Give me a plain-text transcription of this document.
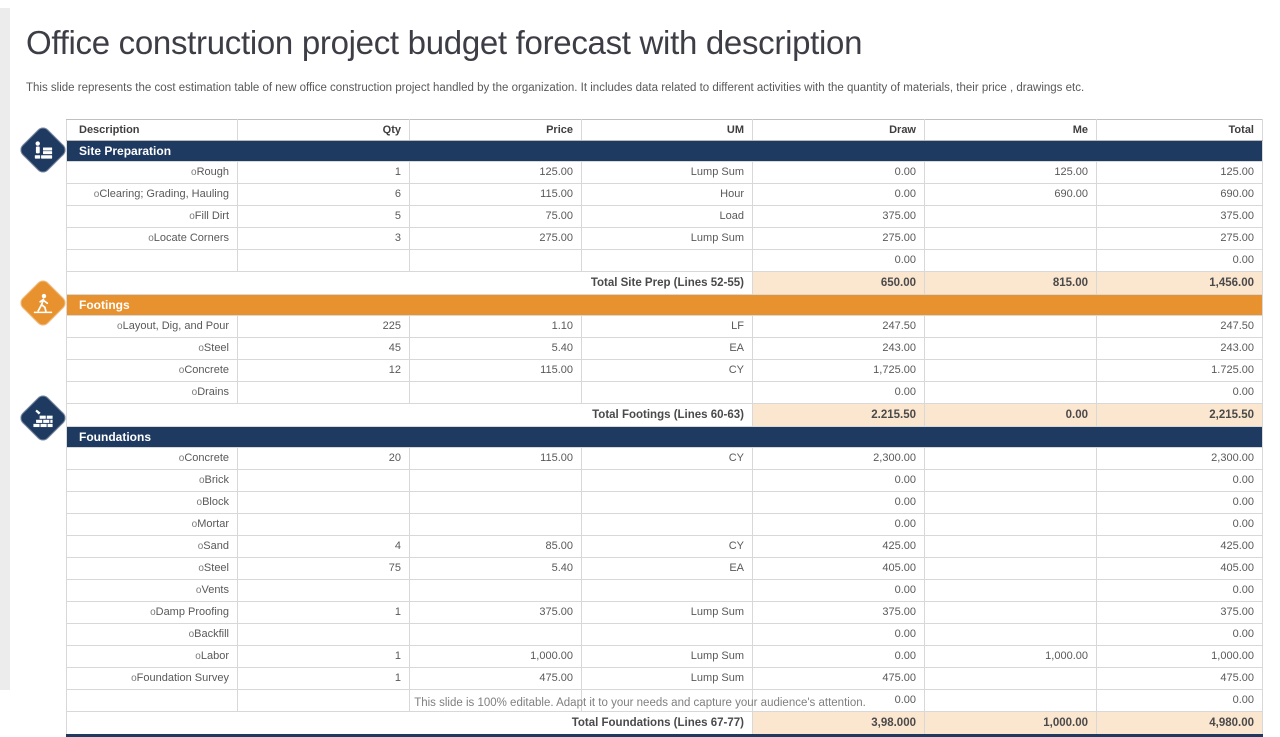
Office construction project budget forecast with description
This slide represents the cost estimation table of new office construction project handled by the organization. It includes data related to different activities with the quantity of materials, their price , drawings etc.
Description	Qty	Price	UM	Draw	Me	Total
Site Preparation						
oRough	1	125.00	Lump Sum	0.00	125.00	125.00
oClearing; Grading, Hauling	6	115.00	Hour	0.00	690.00	690.00
oFill Dirt	5	75.00	Load	375.00		375.00
oLocate Corners	3	275.00	Lump Sum	275.00		275.00
				0.00		0.00
Total Site Prep (Lines 52-55)				650.00	815.00	1,456.00
Footings						
oLayout, Dig, and Pour	225	1.10	LF	247.50		247.50
oSteel	45	5.40	EA	243.00		243.00
oConcrete	12	115.00	CY	1,725.00		1.725.00
oDrains				0.00		0.00
Total Footings (Lines 60-63)				2.215.50	0.00	2,215.50
Foundations						
oConcrete	20	115.00	CY	2,300.00		2,300.00
oBrick				0.00		0.00
oBlock				0.00		0.00
oMortar				0.00		0.00
oSand	4	85.00	CY	425.00		425.00
oSteel	75	5.40	EA	405.00		405.00
oVents				0.00		0.00
oDamp Proofing	1	375.00	Lump Sum	375.00		375.00
oBackfill				0.00		0.00
oLabor	1	1,000.00	Lump Sum	0.00	1,000.00	1,000.00
oFoundation Survey	1	475.00	Lump Sum	475.00		475.00
				0.00		0.00
Total Foundations (Lines 67-77)				3,98.000	1,000.00	4,980.00
This slide is 100% editable. Adapt it to your needs and capture your audience's attention.
